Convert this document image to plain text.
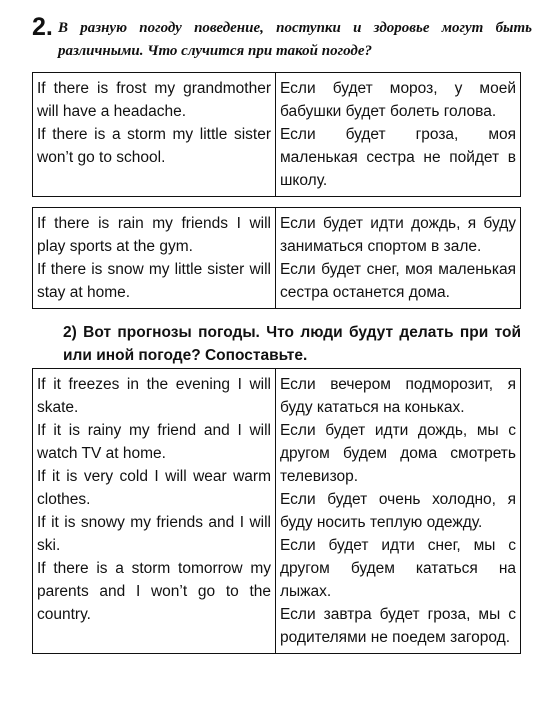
2. В разную погоду поведение, поступки и здоровье могут быть различными. Что случится при такой погоде?
If there is frost my grandmother will have a headache.
If there is a storm my little sister won’t go to school.

Если будет мороз, у моей бабушки будет болеть голова.
Если будет гроза, моя маленькая сестра не пойдет в школу.
If there is rain my friends I will play sports at the gym.
If there is snow my little sister will stay at home.

Если будет идти дождь, я буду заниматься спортом в зале.
Если будет снег, моя маленькая сестра останется дома.
2) Вот прогнозы погоды. Что люди будут делать при той или иной погоде? Сопоставьте.
If it freezes in the evening I will skate.
If it is rainy my friend and I will watch TV at home.
If it is very cold I will wear warm clothes.
If it is snowy my friends and I will ski.
If there is a storm tomorrow my parents and I won’t go to the country.

Если вечером подморозит, я буду кататься на коньках.
Если будет идти дождь, мы с другом будем дома смотреть телевизор.
Если будет очень холодно, я буду носить теплую одежду.
Если будет идти снег, мы с другом будем кататься на лыжах.
Если завтра будет гроза, мы с родителями не поедем загород.
